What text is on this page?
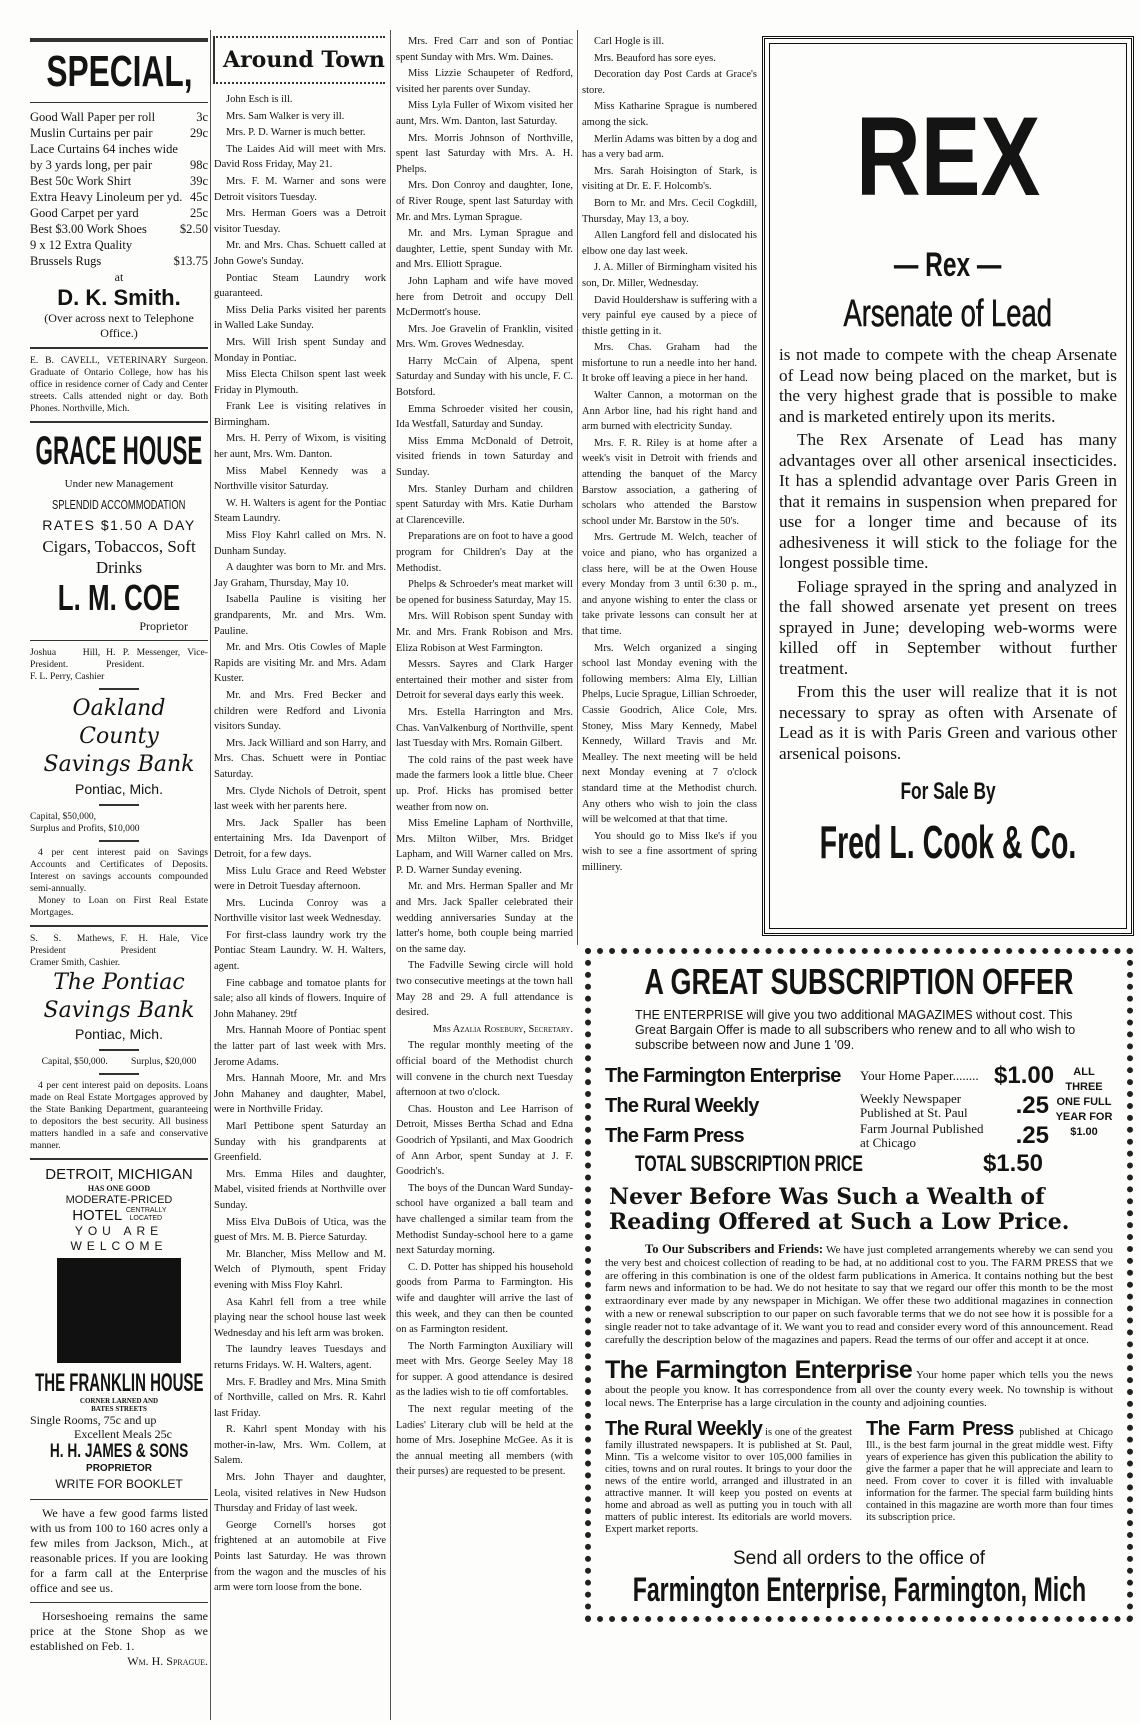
SPECIAL,
Good Wall Paper per roll	3c
Muslin Curtains per pair	29c
Lace Curtains 64 inches wide by 3 yards long, per pair	98c
Best 50c Work Shirt	39c
Extra Heavy Linoleum per yd. 45c
Good Carpet per yard	25c
Best $3.00 Work Shoes	$2.50
9 x 12 Extra Quality Brussels Rugs	$13.75
at
D. K. Smith.
(Over across next to Telephone Office.)
E. B. CAVELL, VETERINARY Surgeon. Graduate of Ontario College, how has his office in residence corner of Cady and Center streets. Calls attended night or day. Both Phones. Northville, Mich.
GRACE HOUSE
Under new Management
SPLENDID ACCOMMODATION
RATES $1.50 A DAY
Cigars, Tobaccos, Soft Drinks
L. M. COE
Proprietor
Joshua Hill, President.
H. P. Messenger, Vice-President.
F. L. Perry, Cashier
Oakland County
Savings Bank
Pontiac, Mich.
Capital, $50,000,
Surplus and Profits, $10,000
4 per cent interest paid on Savings Accounts and Certificates of Deposits. Interest on savings accounts compounded semi-annually.
Money to Loan on First Real Estate Mortgages.
S. S. Mathews, President
F. H. Hale, Vice President
Cramer Smith, Cashier.
The Pontiac
Savings Bank
Pontiac, Mich.
Capital, $50,000. Surplus, $20,000
4 per cent interest paid on deposits. Loans made on Real Estate Mortgages approved by the State Banking Department, guaranteeing to depositors the best security. All business matters handled in a safe and conservative manner.
DETROIT, MICHIGAN
HAS ONE GOOD
MODERATE-PRICED
HOTEL CENTRALLY LOCATED
YOU ARE WELCOME
THE FRANKLIN HOUSE
CORNER LARNED AND BATES STREETS
Single Rooms, 75c and up
Excellent Meals 25c
H. H. JAMES & SONS
PROPRIETOR
WRITE FOR BOOKLET
We have a few good farms listed with us from 100 to 160 acres only a few miles from Jackson, Mich., at reasonable prices. If you are looking for a farm call at the Enterprise office and see us.
Horseshoeing remains the same price at the Stone Shop as we established on Feb. 1.
Wm. H. Sprague.
Around Town

John Esch is ill.

Mrs. Sam Walker is very ill.

Mrs. P. D. Warner is much better.

The Laides Aid will meet with Mrs. David Ross Friday, May 21.

Mrs. F. M. Warner and sons were Detroit visitors Tuesday.

Mrs. Herman Goers was a Detroit visitor Tuesday.

Mr. and Mrs. Chas. Schuett called at John Gowe's Sunday.

Pontiac Steam Laundry work guaranteed.

Miss Delia Parks visited her parents in Walled Lake Sunday.

Mrs. Will Irish spent Sunday and Monday in Pontiac.

Miss Electa Chilson spent last week Friday in Plymouth.

Frank Lee is visiting relatives in Birmingham.

Mrs. H. Perry of Wixom, is visiting her aunt, Mrs. Wm. Danton.

Miss Mabel Kennedy was a Northville visitor Saturday.

W. H. Walters is agent for the Pontiac Steam Laundry.

Miss Floy Kahrl called on Mrs. N. Dunham Sunday.

A daughter was born to Mr. and Mrs. Jay Graham, Thursday, May 10.

Isabella Pauline is visiting her grandparents, Mr. and Mrs. Wm. Pauline.

Mr. and Mrs. Otis Cowles of Maple Rapids are visiting Mr. and Mrs. Adam Kuster.

Mr. and Mrs. Fred Becker and children were Redford and Livonia visitors Sunday.

Mrs. Jack Williard and son Harry, and Mrs. Chas. Schuett were in Pontiac Saturday.

Mrs. Clyde Nichols of Detroit, spent last week with her parents here.

Mrs. Jack Spaller has been entertaining Mrs. Ida Davenport of Detroit, for a few days.

Miss Lulu Grace and Reed Webster were in Detroit Tuesday afternoon.

Mrs. Lucinda Conroy was a Northville visitor last week Wednesday.

For first-class laundry work try the Pontiac Steam Laundry. W. H. Walters, agent.

Fine cabbage and tomatoe plants for sale; also all kinds of flowers. Inquire of John Mahaney. 29tf

Mrs. Hannah Moore of Pontiac spent the latter part of last week with Mrs. Jerome Adams.

Mrs. Hannah Moore, Mr. and Mrs John Mahaney and daughter, Mabel, were in Northville Friday.

Marl Pettibone spent Saturday an Sunday with his grandparents at Greenfield.

Mrs. Emma Hiles and daughter, Mabel, visited friends at Northville over Sunday.

Miss Elva DuBois of Utica, was the guest of Mrs. M. B. Pierce Saturday.

Mr. Blancher, Miss Mellow and M. Welch of Plymouth, spent Friday evening with Miss Floy Kahrl.

Asa Kahrl fell from a tree while playing near the school house last week Wednesday and his left arm was broken.

The laundry leaves Tuesdays and returns Fridays. W. H. Walters, agent.

Mrs. F. Bradley and Mrs. Mina Smith of Northville, called on Mrs. R. Kahrl last Friday.

R. Kahrl spent Monday with his mother-in-law, Mrs. Wm. Collem, at Salem.

Mrs. John Thayer and daughter, Leola, visited relatives in New Hudson Thursday and Friday of last week.

George Cornell's horses got frightened at an automobile at Five Points last Saturday. He was thrown from the wagon and the muscles of his arm were torn loose from the bone.

Mrs. Fred Carr and son of Pontiac spent Sunday with Mrs. Wm. Daines.

Miss Lizzie Schaupeter of Redford, visited her parents over Sunday.

Miss Lyla Fuller of Wixom visited her aunt, Mrs. Wm. Danton, last Saturday.

Mrs. Morris Johnson of Northville, spent last Saturday with Mrs. A. H. Phelps.

Mrs. Don Conroy and daughter, Ione, of River Rouge, spent last Saturday with Mr. and Mrs. Lyman Sprague.

Mr. and Mrs. Lyman Sprague and daughter, Lettie, spent Sunday with Mr. and Mrs. Elliott Sprague.

John Lapham and wife have moved here from Detroit and occupy Dell McDermott's house.

Mrs. Joe Gravelin of Franklin, visited Mrs. Wm. Groves Wednesday.

Harry McCain of Alpena, spent Saturday and Sunday with his uncle, F. C. Botsford.

Emma Schroeder visited her cousin, Ida Westfall, Saturday and Sunday.

Miss Emma McDonald of Detroit, visited friends in town Saturday and Sunday.

Mrs. Stanley Durham and children spent Saturday with Mrs. Katie Durham at Clarenceville.

Preparations are on foot to have a good program for Children's Day at the Methodist.

Phelps & Schroeder's meat market will be opened for business Saturday, May 15.

Mrs. Will Robison spent Sunday with Mr. and Mrs. Frank Robison and Mrs. Eliza Robison at West Farmington.

Messrs. Sayres and Clark Harger entertained their mother and sister from Detroit for several days early this week.

Mrs. Estella Harrington and Mrs. Chas. VanValkenburg of Northville, spent last Tuesday with Mrs. Romain Gilbert.

The cold rains of the past week have made the farmers look a little blue. Cheer up. Prof. Hicks has promised better weather from now on.

Miss Emeline Lapham of Northville, Mrs. Milton Wilber, Mrs. Bridget Lapham, and Will Warner called on Mrs. P. D. Warner Sunday evening.

Mr. and Mrs. Herman Spaller and Mr and Mrs. Jack Spaller celebrated their wedding anniversaries Sunday at the latter's home, both couple being married on the same day.

The Fadville Sewing circle will hold two consecutive meetings at the town hall May 28 and 29. A full attendance is desired.

Mrs Azalia Rosebury, Secretary.

The regular monthly meeting of the official board of the Methodist church will convene in the church next Tuesday afternoon at two o'clock.

Chas. Houston and Lee Harrison of Detroit, Misses Bertha Schad and Edna Goodrich of Ypsilanti, and Max Goodrich of Ann Arbor, spent Sunday at J. F. Goodrich's.

The boys of the Duncan Ward Sunday-school have organized a ball team and have challenged a similar team from the Methodist Sunday-school here to a game next Saturday morning.

C. D. Potter has shipped his household goods from Parma to Farmington. His wife and daughter will arrive the last of this week, and they can then be counted on as Farmington resident.

The North Farmington Auxiliary will meet with Mrs. George Seeley May 18 for supper. A good attendance is desired as the ladies wish to tie off comfortables.

The next regular meeting of the Ladies' Literary club will be held at the home of Mrs. Josephine McGee. As it is the annual meeting all members (with their purses) are requested to be present.

Carl Hogle is ill.

Mrs. Beauford has sore eyes.

Decoration day Post Cards at Grace's store.

Miss Katharine Sprague is numbered among the sick.

Merlin Adams was bitten by a dog and has a very bad arm.

Mrs. Sarah Hoisington of Stark, is visiting at Dr. E. F. Holcomb's.

Born to Mr. and Mrs. Cecil Cogkdill, Thursday, May 13, a boy.

Allen Langford fell and dislocated his elbow one day last week.

J. A. Miller of Birmingham visited his son, Dr. Miller, Wednesday.

David Houldershaw is suffering with a very painful eye caused by a piece of thistle getting in it.

Mrs. Chas. Graham had the misfortune to run a needle into her hand. It broke off leaving a piece in her hand.

Walter Cannon, a motorman on the Ann Arbor line, had his right hand and arm burned with electricity Sunday.

Mrs. F. R. Riley is at home after a week's visit in Detroit with friends and attending the banquet of the Marcy Barstow association, a gathering of scholars who attended the Barstow school under Mr. Barstow in the 50's.

Mrs. Gertrude M. Welch, teacher of voice and piano, who has organized a class here, will be at the Owen House every Monday from 3 until 6:30 p. m., and anyone wishing to enter the class or take private lessons can consult her at that time.

Mrs. Welch organized a singing school last Monday evening with the following members: Alma Ely, Lillian Phelps, Lucie Sprague, Lillian Schroeder, Cassie Goodrich, Alice Cole, Mrs. Stoney, Miss Mary Kennedy, Mabel Kennedy, Willard Travis and Mr. Mealley. The next meeting will be held next Monday evening at 7 o'clock standard time at the Methodist church. Any others who wish to join the class will be welcomed at that that time.

You should go to Miss Ike's if you wish to see a fine assortment of spring millinery.

REX
— Rex —
Arsenate of Lead

is not made to compete with the cheap Arsenate of Lead now being placed on the market, but is the very highest grade that is possible to make and is marketed entirely upon its merits.

The Rex Arsenate of Lead has many advantages over all other arsenical insecticides. It has a splendid advantage over Paris Green in that it remains in suspension when prepared for use for a longer time and because of its adhesiveness it will stick to the foliage for the longest possible time.

Foliage sprayed in the spring and analyzed in the fall showed arsenate yet present on trees sprayed in June; developing web-worms were killed off in September without further treatment.

From this the user will realize that it is not necessary to spray as often with Arsenate of Lead as it is with Paris Green and various other arsenical poisons.

For Sale By
Fred L. Cook & Co.
A GREAT SUBSCRIPTION OFFER
THE ENTERPRISE will give you two additional MAGAZIMES without cost. This Great Bargain Offer is made to all subscribers who renew and to all who wish to subscribe between now and June 1 '09.
The Farmington Enterprise	Your Home Paper........ $1.00
The Rural Weekly	Weekly Newspaper Published at St. Paul	.25
The Farm Press	Farm Journal Published at Chicago	.25
ALL THREE ONE FULL YEAR FOR $1.00
TOTAL SUBSCRIPTION PRICE	$1.50
Never Before Was Such a Wealth of Reading Offered at Such a Low Price.
To Our Subscribers and Friends: We have just completed arrangements whereby we can send you the very best and choicest collection of reading to be had, at no additional cost to you. The FARM PRESS that we are offering in this combination is one of the oldest farm publications in America. It contains nothing but the best farm news and information to be had. We do not hesitate to say that we regard our offer this month to be the most extraordinary ever made by any newspaper in Michigan. We offer these two additional magazines in connection with a new or renewal subscription to our paper on such favorable terms that we do not see how it is possible for a single reader not to take advantage of it. We want you to read and consider every word of this announcement. Read carefully the description below of the magazines and papers. Read the terms of our offer and accept it at once.
The Farmington Enterprise Your home paper which tells you the news about the people you know. It has correspondence from all over the county every week. No township is without local news. The Enterprise has a large circulation in the county and adjoining counties.
The Rural Weekly is one of the greatest family illustrated newspapers. It is published at St. Paul, Minn. 'Tis a welcome visitor to over 105,000 families in cities, towns and on rural routes. It brings to your door the news of the entire world, arranged and illustrated in an attractive manner. It will keep you posted on events at home and abroad as well as putting you in touch with all matters of public interest. Its editorials are world movers. Expert market reports.
The Farm Press published at Chicago Ill., is the best farm journal in the great middle west. Fifty years of experience has given this publication the ability to give the farmer a paper that he will appreciate and learn to need. From cover to cover it is filled with invaluable information for the farmer. The special farm building hints contained in this magazine are worth more than four times its subscription price.
Send all orders to the office of
Farmington Enterprise, Farmington, Mich
